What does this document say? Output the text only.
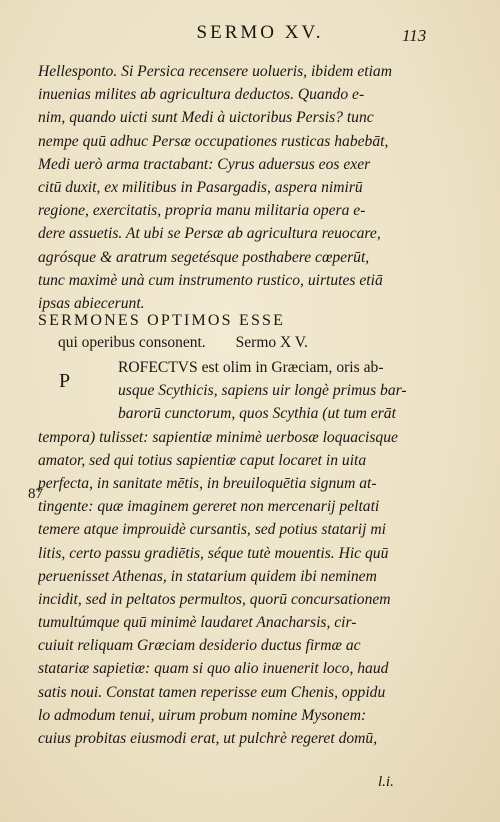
SERMO XV.	113
Hellesponto. Si Persica recensere uolueris, ibidem etiam
inuenias milites ab agricultura deductos. Quando e-
nim, quando uicti sunt Medi à uictoribus Persis? tunc
nempe quū adhuc Persæ occupationes rusticas habebāt,
Medi uerò arma tractabant: Cyrus aduersus eos exer
citū duxit, ex militibus in Pasargadis, aspera nimirū
regione, exercitatis, propria manu militaria opera e-
dere assuetis. At ubi se Persæ ab agricultura reuocare,
agrósque & aratrum segetésque posthabere cœperūt,
tunc maximè unà cum instrumento rustico, uirtutes etiā
ipsas abiecerunt.
SERMONES OPTIMOS ESSE
qui operibus consonent. Sermo X V.
P
ROFECTVS est olim in Græciam, oris ab-
usque Scythicis, sapiens uir longè primus bar-
barorū cunctorum, quos Scythia (ut tum erāt
tempora) tulisset: sapientiæ minimè uerbosæ loquacisque
amator, sed qui totius sapientiæ caput locaret in uita
perfecta, in sanitate mētis, in breuiloquētia signum at-
tingente: quæ imaginem gereret non mercenarij peltati
temere atque improuidè cursantis, sed potius statarij mi
litis, certo passu gradiētis, séque tutè mouentis. Hic quū
peruenisset Athenas, in statarium quidem ibi neminem
incidit, sed in peltatos permultos, quorū concursationem
tumultúmque quū minimè laudaret Anacharsis, cir-
cuiuit reliquam Græciam desiderio ductus firmæ ac
statariæ sapietiæ: quam si quo alio inuenerit loco, haud
satis noui. Constat tamen reperisse eum Chenis, oppidu
lo admodum tenui, uirum probum nomine Mysonem:
cuius probitas eiusmodi erat, ut pulchrè regeret domū,
87
l.i.
